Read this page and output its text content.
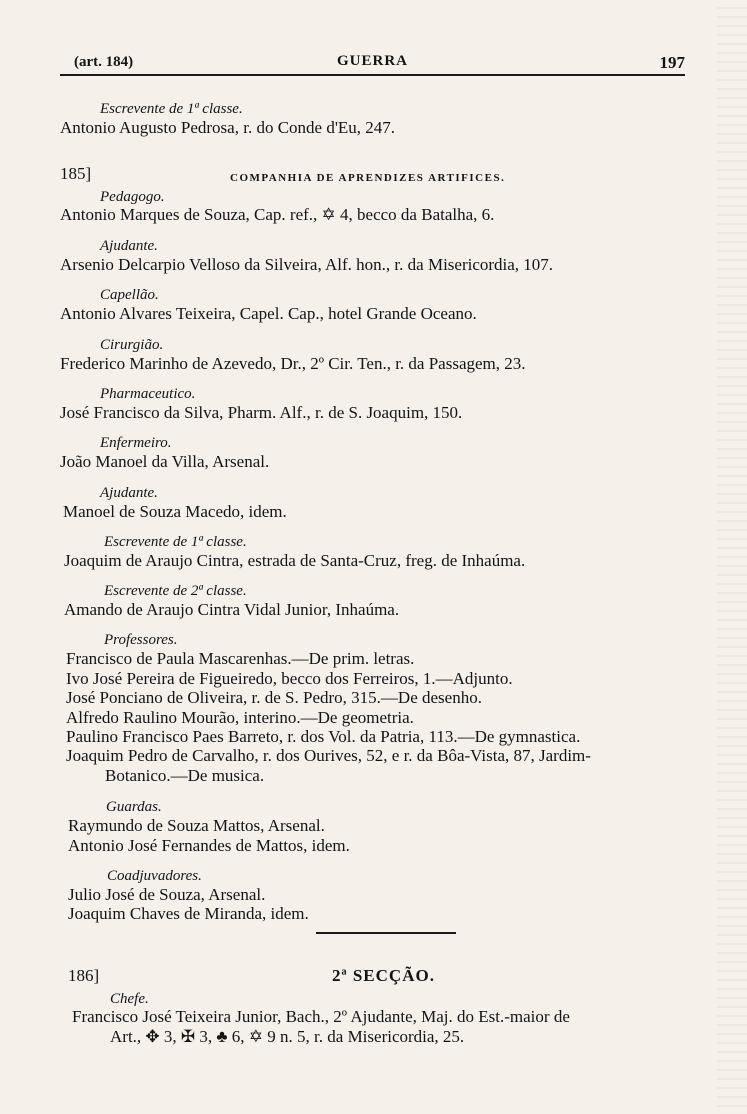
(art. 184)	GUERRA	197
Escrevente de 1ª classe.
Antonio Augusto Pedrosa, r. do Conde d'Eu, 247.
185]	COMPANHIA DE APRENDIZES ARTIFICES.
Pedagogo.
Antonio Marques de Souza, Cap. ref., ✡ 4, becco da Batalha, 6.
Ajudante.
Arsenio Delcarpio Velloso da Silveira, Alf. hon., r. da Misericordia, 107.
Capellão.
Antonio Alvares Teixeira, Capel. Cap., hotel Grande Oceano.
Cirurgião.
Frederico Marinho de Azevedo, Dr., 2º Cir. Ten., r. da Passagem, 23.
Pharmaceutico.
José Francisco da Silva, Pharm. Alf., r. de S. Joaquim, 150.
Enfermeiro.
João Manoel da Villa, Arsenal.
Ajudante.
Manoel de Souza Macedo, idem.
Escrevente de 1ª classe.
Joaquim de Araujo Cintra, estrada de Santa-Cruz, freg. de Inhaúma.
Escrevente de 2ª classe.
Amando de Araujo Cintra Vidal Junior, Inhaúma.
Professores.
Francisco de Paula Mascarenhas.—De prim. letras.
Ivo José Pereira de Figueiredo, becco dos Ferreiros, 1.—Adjunto.
José Ponciano de Oliveira, r. de S. Pedro, 315.—De desenho.
Alfredo Raulino Mourão, interino.—De geometria.
Paulino Francisco Paes Barreto, r. dos Vol. da Patria, 113.—De gymnastica.
Joaquim Pedro de Carvalho, r. dos Ourives, 52, e r. da Bôa-Vista, 87, Jardim-
Botanico.—De musica.
Guardas.
Raymundo de Souza Mattos, Arsenal.
Antonio José Fernandes de Mattos, idem.
Coadjuvadores.
Julio José de Souza, Arsenal.
Joaquim Chaves de Miranda, idem.
186]	2ª SECÇÃO.
Chefe.
Francisco José Teixeira Junior, Bach., 2º Ajudante, Maj. do Est.-maior de
Art., ✥ 3, ✠ 3, ♣ 6, ✡ 9 n. 5, r. da Misericordia, 25.
